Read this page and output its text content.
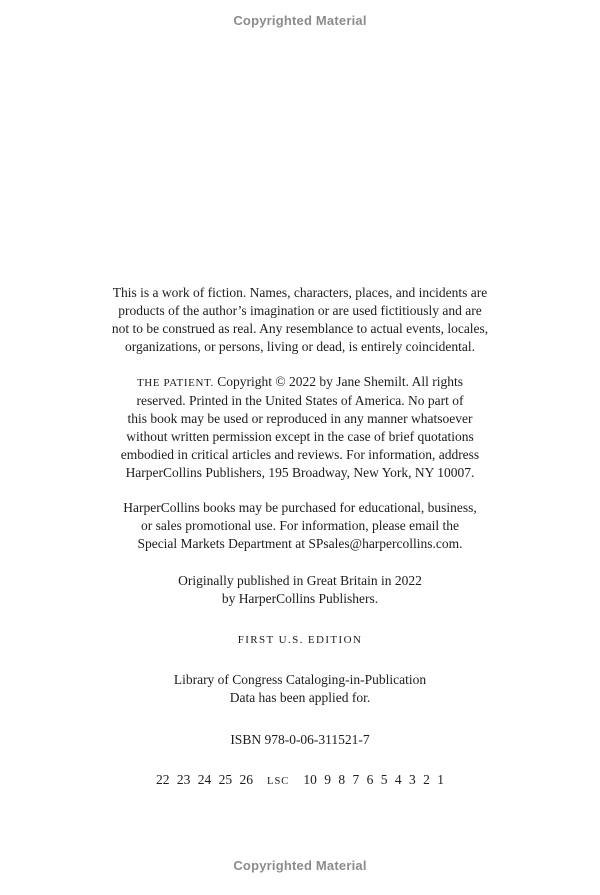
Copyrighted Material
This is a work of fiction. Names, characters, places, and incidents are
products of the author’s imagination or are used fictitiously and are
not to be construed as real. Any resemblance to actual events, locales,
organizations, or persons, living or dead, is entirely coincidental.
THE PATIENT. Copyright © 2022 by Jane Shemilt. All rights
reserved. Printed in the United States of America. No part of
this book may be used or reproduced in any manner whatsoever
without written permission except in the case of brief quotations
embodied in critical articles and reviews. For information, address
HarperCollins Publishers, 195 Broadway, New York, NY 10007.
HarperCollins books may be purchased for educational, business,
or sales promotional use. For information, please email the
Special Markets Department at SPsales@harpercollins.com.
Originally published in Great Britain in 2022
by HarperCollins Publishers.
FIRST U.S. EDITION
Library of Congress Cataloging-in-Publication
Data has been applied for.
ISBN 978-0-06-311521-7
22 23 24 25 26 LSC 10 9 8 7 6 5 4 3 2 1
Copyrighted Material
